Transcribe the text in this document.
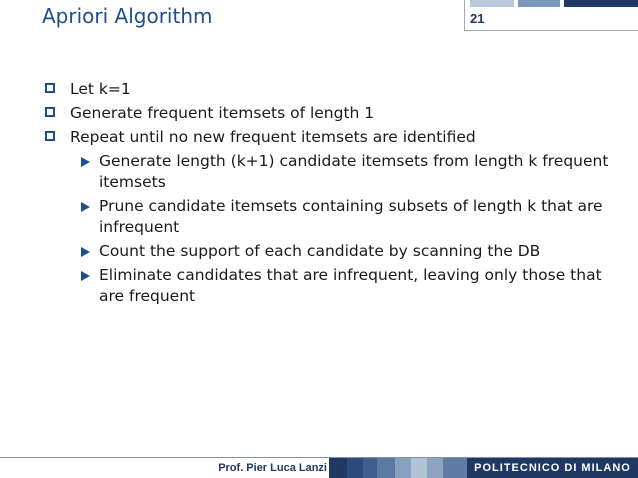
Apriori Algorithm	21
Let k=1
Generate frequent itemsets of length 1
Repeat until no new frequent itemsets are identified
Generate length (k+1) candidate itemsets from length k frequent itemsets
Prune candidate itemsets containing subsets of length k that are infrequent
Count the support of each candidate by scanning the DB
Eliminate candidates that are infrequent, leaving only those that are frequent
Prof. Pier Luca Lanzi	POLITECNICO DI MILANO
